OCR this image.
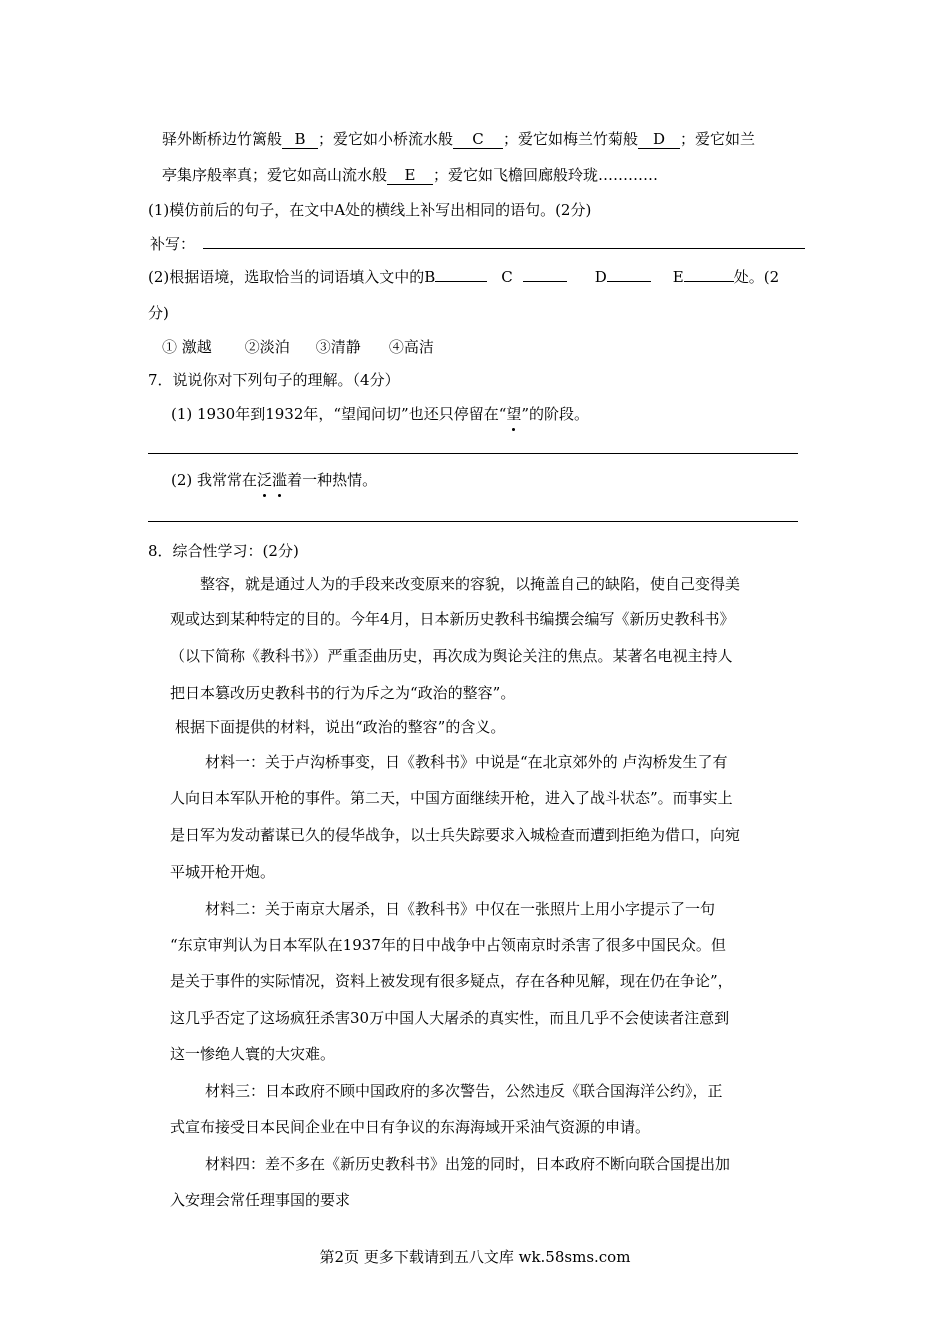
驿外断桥边竹篱般 B ；爱它如小桥流水般 C ；爱它如梅兰竹菊般 D ；爱它如兰
亭集序般率真；爱它如高山流水般 E ；爱它如飞檐回廊般玲珑…………
(1)模仿前后的句子，在文中A处的横线上补写出相同的语句。(2分)
补写：
(2)根据语境，选取恰当的词语填入文中的B	C	D	E	处。(2
分)
① 激越 ②淡泊 ③清静 ④高洁
7．说说你对下列句子的理解。（4分）
(1) 1930年到1932年，“望闻问切”也还只停留在“望”的阶段。
(2) 我常常在泛滥着一种热情。
8．综合性学习：(2分)
整容，就是通过人为的手段来改变原来的容貌，以掩盖自己的缺陷，使自己变得美
观或达到某种特定的目的。今年4月，日本新历史教科书编撰会编写《新历史教科书》
（以下简称《教科书》）严重歪曲历史，再次成为舆论关注的焦点。某著名电视主持人
把日本篡改历史教科书的行为斥之为“政治的整容”。
根据下面提供的材料，说出“政治的整容”的含义。
材料一：关于卢沟桥事变，日《教科书》中说是“在北京郊外的 卢沟桥发生了有
人向日本军队开枪的事件。第二天，中国方面继续开枪，进入了战斗状态”。而事实上
是日军为发动蓄谋已久的侵华战争，以士兵失踪要求入城检查而遭到拒绝为借口，向宛
平城开枪开炮。
材料二：关于南京大屠杀，日《教科书》中仅在一张照片上用小字提示了一句
“东京审判认为日本军队在1937年的日中战争中占领南京时杀害了很多中国民众。但
是关于事件的实际情况，资料上被发现有很多疑点，存在各种见解，现在仍在争论”，
这几乎否定了这场疯狂杀害30万中国人大屠杀的真实性，而且几乎不会使读者注意到
这一惨绝人寰的大灾难。
材料三：日本政府不顾中国政府的多次警告，公然违反《联合国海洋公约》，正
式宣布接受日本民间企业在中日有争议的东海海域开采油气资源的申请。
材料四：差不多在《新历史教科书》出笼的同时，日本政府不断向联合国提出加
入安理会常任理事国的要求
第2页 更多下载请到五八文库 wk.58sms.com
